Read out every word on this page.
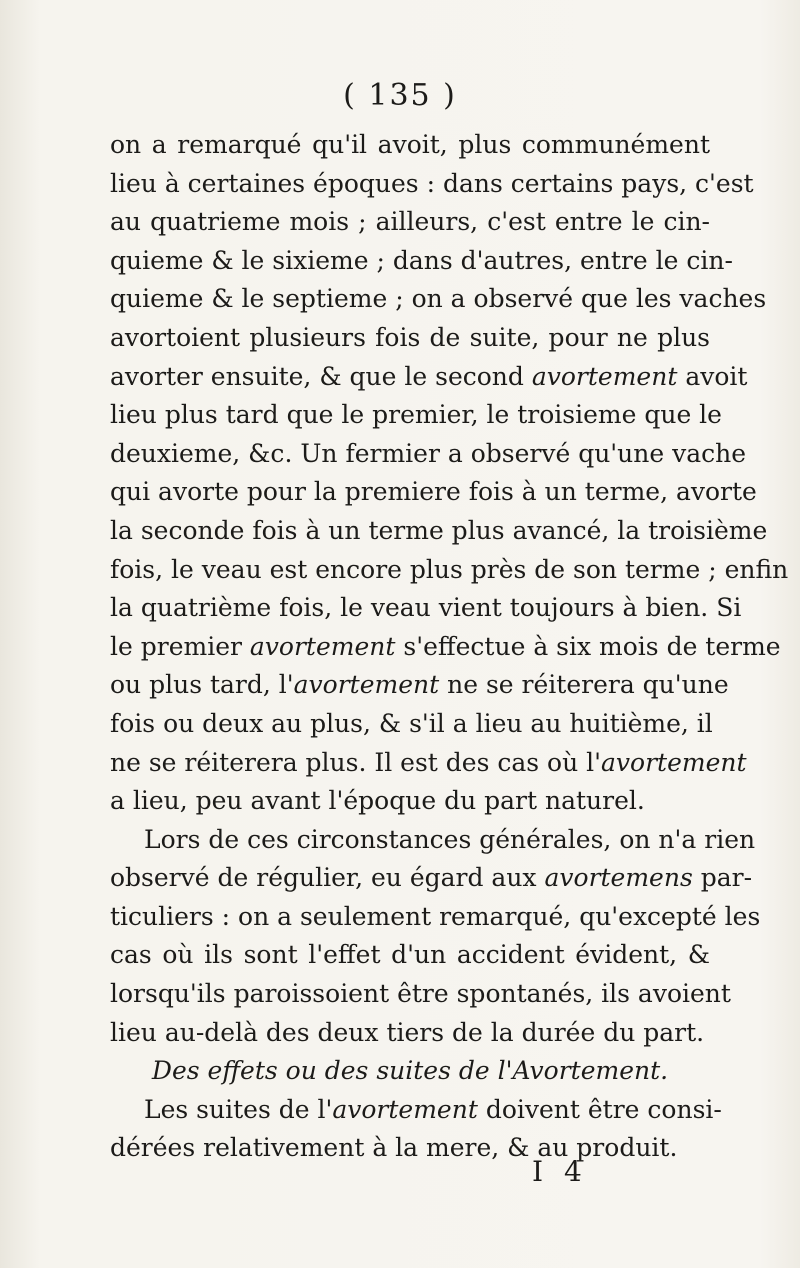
( 135 )
on a remarqué qu'il avoit, plus communément
lieu à certaines époques : dans certains pays, c'est
au quatrieme mois ; ailleurs, c'est entre le cin-
quieme & le sixieme ; dans d'autres, entre le cin-
quieme & le septieme ; on a observé que les vaches
avortoient plusieurs fois de suite, pour ne plus
avorter ensuite, & que le second avortement avoit
lieu plus tard que le premier, le troisieme que le
deuxieme, &c. Un fermier a observé qu'une vache
qui avorte pour la premiere fois à un terme, avorte
la seconde fois à un terme plus avancé, la troisième
fois, le veau est encore plus près de son terme ; enfin
la quatrième fois, le veau vient toujours à bien. Si
le premier avortement s'effectue à six mois de terme
ou plus tard, l'avortement ne se réiterera qu'une
fois ou deux au plus, & s'il a lieu au huitième, il
ne se réiterera plus. Il est des cas où l'avortement
a lieu, peu avant l'époque du part naturel.
Lors de ces circonstances générales, on n'a rien
observé de régulier, eu égard aux avortemens par-
ticuliers : on a seulement remarqué, qu'excepté les
cas où ils sont l'effet d'un accident évident, &
lorsqu'ils paroissoient être spontanés, ils avoient
lieu au-delà des deux tiers de la durée du part.
Des effets ou des suites de l'Avortement.
Les suites de l'avortement doivent être consi-
dérées relativement à la mere, & au produit.
I 4
